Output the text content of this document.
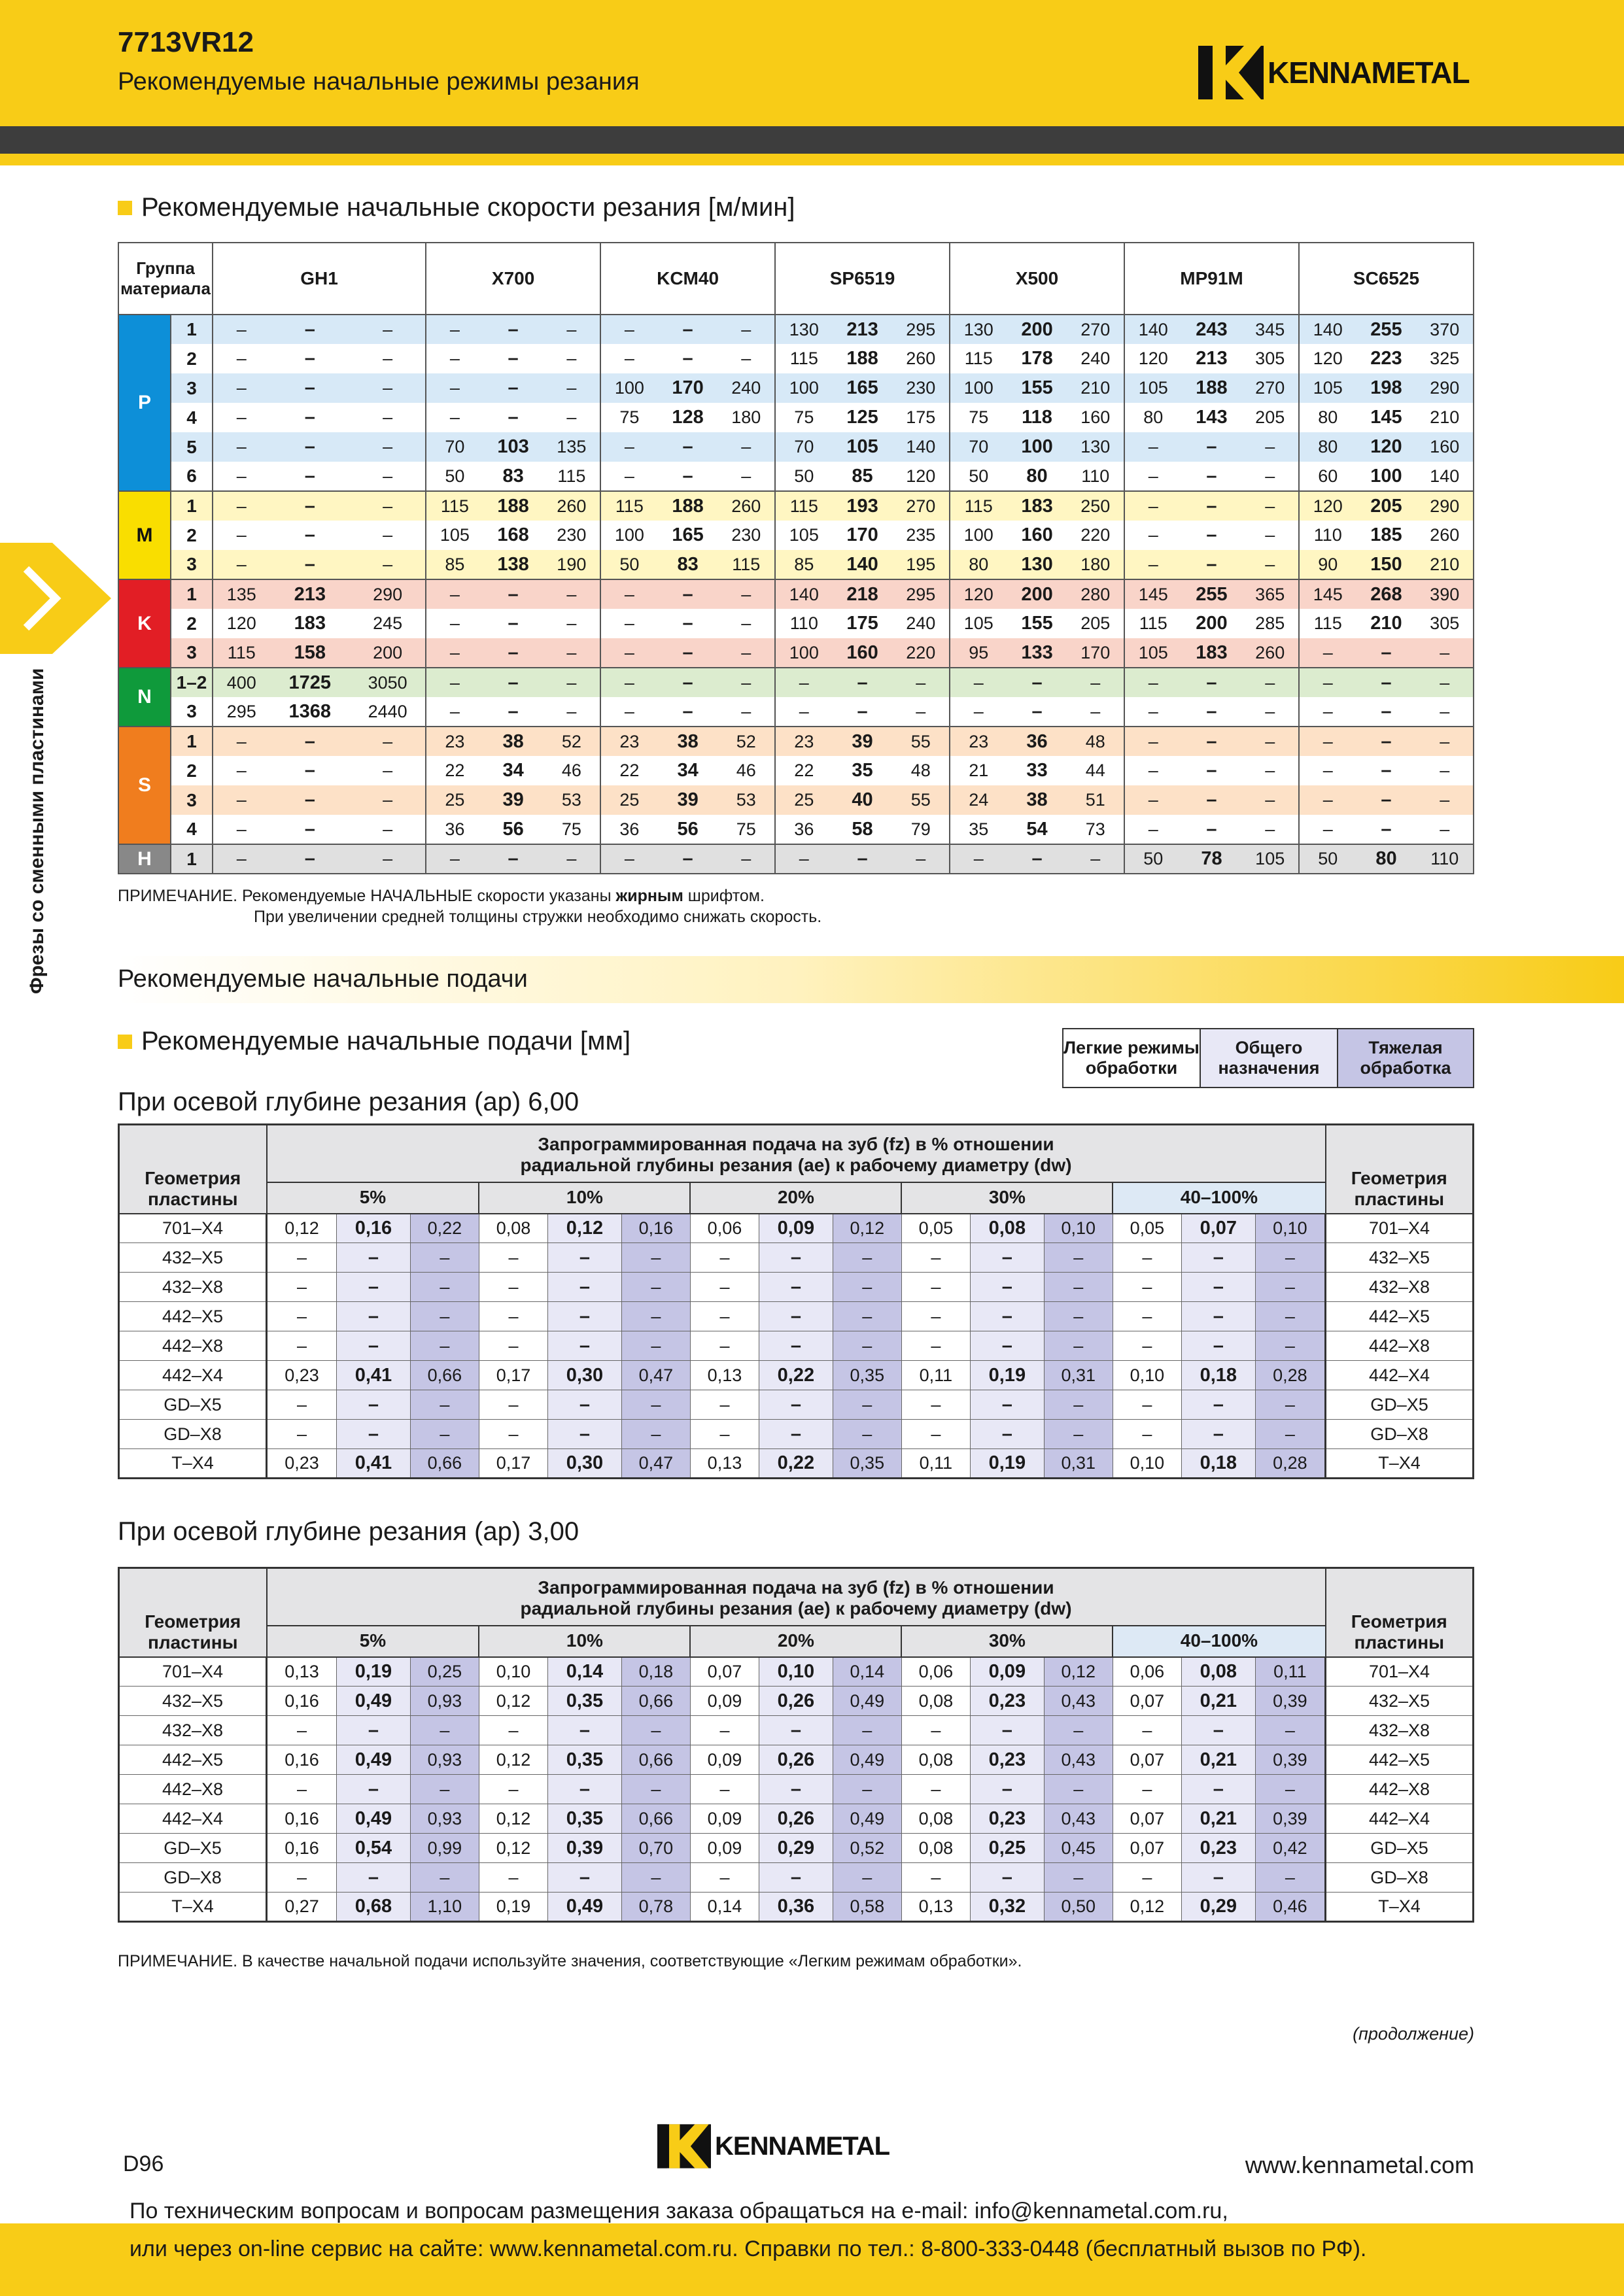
7713VR12
Рекомендуемые начальные режимы резания	KENNAMETAL
Фрезы со сменными пластинами
Рекомендуемые начальные скорости резания [м/мин]
Группа материала		GH1			X700			KCM40			SP6519			X500			MP91M			SC6525		
P	1	–	–	–	–	–	–	–	–	–	130	213	295	130	200	270	140	243	345	140	255	370
	2	–	–	–	–	–	–	–	–	–	115	188	260	115	178	240	120	213	305	120	223	325
	3	–	–	–	–	–	–	100	170	240	100	165	230	100	155	210	105	188	270	105	198	290
	4	–	–	–	–	–	–	75	128	180	75	125	175	75	118	160	80	143	205	80	145	210
	5	–	–	–	70	103	135	–	–	–	70	105	140	70	100	130	–	–	–	80	120	160
	6	–	–	–	50	83	115	–	–	–	50	85	120	50	80	110	–	–	–	60	100	140
M	1	–	–	–	115	188	260	115	188	260	115	193	270	115	183	250	–	–	–	120	205	290
	2	–	–	–	105	168	230	100	165	230	105	170	235	100	160	220	–	–	–	110	185	260
	3	–	–	–	85	138	190	50	83	115	85	140	195	80	130	180	–	–	–	90	150	210
K	1	135	213	290	–	–	–	–	–	–	140	218	295	120	200	280	145	255	365	145	268	390
	2	120	183	245	–	–	–	–	–	–	110	175	240	105	155	205	115	200	285	115	210	305
	3	115	158	200	–	–	–	–	–	–	100	160	220	95	133	170	105	183	260	–	–	–
N	1–2	400	1725	3050	–	–	–	–	–	–	–	–	–	–	–	–	–	–	–	–	–	–
	3	295	1368	2440	–	–	–	–	–	–	–	–	–	–	–	–	–	–	–	–	–	–
S	1	–	–	–	23	38	52	23	38	52	23	39	55	23	36	48	–	–	–	–	–	–
	2	–	–	–	22	34	46	22	34	46	22	35	48	21	33	44	–	–	–	–	–	–
	3	–	–	–	25	39	53	25	39	53	25	40	55	24	38	51	–	–	–	–	–	–
	4	–	–	–	36	56	75	36	56	75	36	58	79	35	54	73	–	–	–	–	–	–
H	1	–	–	–	–	–	–	–	–	–	–	–	–	–	–	–	50	78	105	50	80	110
ПРИМЕЧАНИЕ. Рекомендуемые НАЧАЛЬНЫЕ скорости указаны жирным шрифтом.
При увеличении средней толщины стружки необходимо снижать скорость.
Рекомендуемые начальные подачи
Рекомендуемые начальные подачи [мм]	Легкие режимы обработки
Общего назначения
Тяжелая обработка
При осевой глубине резания (ap) 6,00
Геометрия пластины	Запрограммированная подача на зуб (fz) в % отношении радиальной глубины резания (ae) к рабочему диаметру (dw)															Геометрия пластины
	5%			10%			20%			30%			40–100%			
701–X4	0,12	0,16	0,22	0,08	0,12	0,16	0,06	0,09	0,12	0,05	0,08	0,10	0,05	0,07	0,10	701–X4
432–X5	–	–	–	–	–	–	–	–	–	–	–	–	–	–	–	432–X5
432–X8	–	–	–	–	–	–	–	–	–	–	–	–	–	–	–	432–X8
442–X5	–	–	–	–	–	–	–	–	–	–	–	–	–	–	–	442–X5
442–X8	–	–	–	–	–	–	–	–	–	–	–	–	–	–	–	442–X8
442–X4	0,23	0,41	0,66	0,17	0,30	0,47	0,13	0,22	0,35	0,11	0,19	0,31	0,10	0,18	0,28	442–X4
GD–X5	–	–	–	–	–	–	–	–	–	–	–	–	–	–	–	GD–X5
GD–X8	–	–	–	–	–	–	–	–	–	–	–	–	–	–	–	GD–X8
T–X4	0,23	0,41	0,66	0,17	0,30	0,47	0,13	0,22	0,35	0,11	0,19	0,31	0,10	0,18	0,28	T–X4
При осевой глубине резания (ap) 3,00
Геометрия пластины	Запрограммированная подача на зуб (fz) в % отношении радиальной глубины резания (ae) к рабочему диаметру (dw)															Геометрия пластины
	5%			10%			20%			30%			40–100%			
701–X4	0,13	0,19	0,25	0,10	0,14	0,18	0,07	0,10	0,14	0,06	0,09	0,12	0,06	0,08	0,11	701–X4
432–X5	0,16	0,49	0,93	0,12	0,35	0,66	0,09	0,26	0,49	0,08	0,23	0,43	0,07	0,21	0,39	432–X5
432–X8	–	–	–	–	–	–	–	–	–	–	–	–	–	–	–	432–X8
442–X5	0,16	0,49	0,93	0,12	0,35	0,66	0,09	0,26	0,49	0,08	0,23	0,43	0,07	0,21	0,39	442–X5
442–X8	–	–	–	–	–	–	–	–	–	–	–	–	–	–	–	442–X8
442–X4	0,16	0,49	0,93	0,12	0,35	0,66	0,09	0,26	0,49	0,08	0,23	0,43	0,07	0,21	0,39	442–X4
GD–X5	0,16	0,54	0,99	0,12	0,39	0,70	0,09	0,29	0,52	0,08	0,25	0,45	0,07	0,23	0,42	GD–X5
GD–X8	–	–	–	–	–	–	–	–	–	–	–	–	–	–	–	GD–X8
T–X4	0,27	0,68	1,10	0,19	0,49	0,78	0,14	0,36	0,58	0,13	0,32	0,50	0,12	0,29	0,46	T–X4
ПРИМЕЧАНИЕ. В качестве начальной подачи используйте значения, соответствующие «Легким режимам обработки».
(продолжение)
KENNAMETAL
D96	www.kennametal.com
По техническим вопросам и вопросам размещения заказа обращаться на e-mail: info@kennametal.com.ru,
или через on-line сервис на сайте: www.kennametal.com.ru. Справки по тел.: 8-800-333-0448 (бесплатный вызов по РФ).
